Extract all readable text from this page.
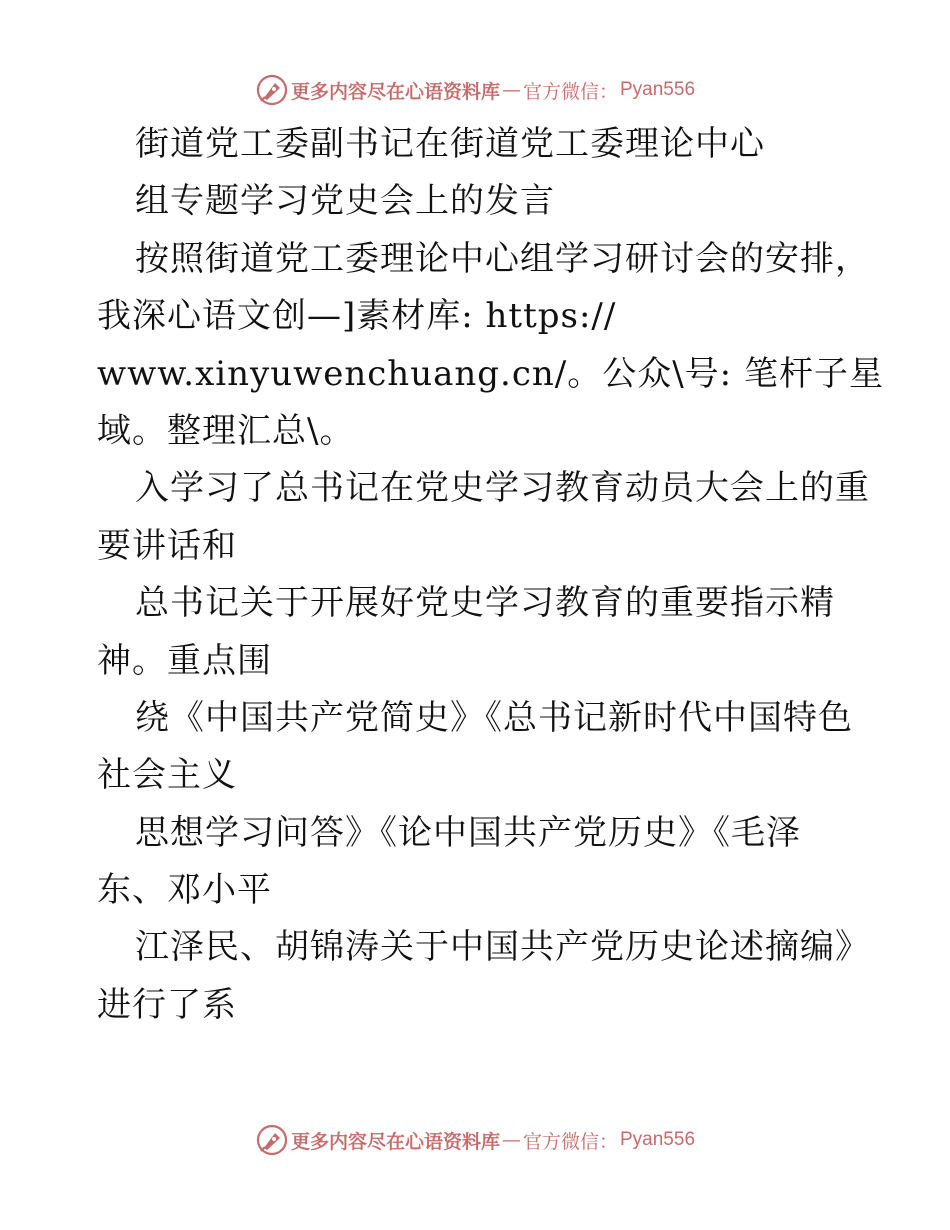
更多内容尽在心语资料库 — 官方微信： Pyan556
街道党工委副书记在街道党工委理论中心
组专题学习党史会上的发言
按照街道党工委理论中心组学习研讨会的安排，
我深心语文创—]素材库: https://
www.xinyuwenchuang.cn/。公众\号: 笔杆子星
域。整理汇总\。
入学习了总书记在党史学习教育动员大会上的重
要讲话和
总书记关于开展好党史学习教育的重要指示精
神。重点围
绕《中国共产党简史》《总书记新时代中国特色
社会主义
思想学习问答》《论中国共产党历史》《毛泽
东、邓小平
江泽民、胡锦涛关于中国共产党历史论述摘编》
进行了系
更多内容尽在心语资料库 — 官方微信： Pyan556
